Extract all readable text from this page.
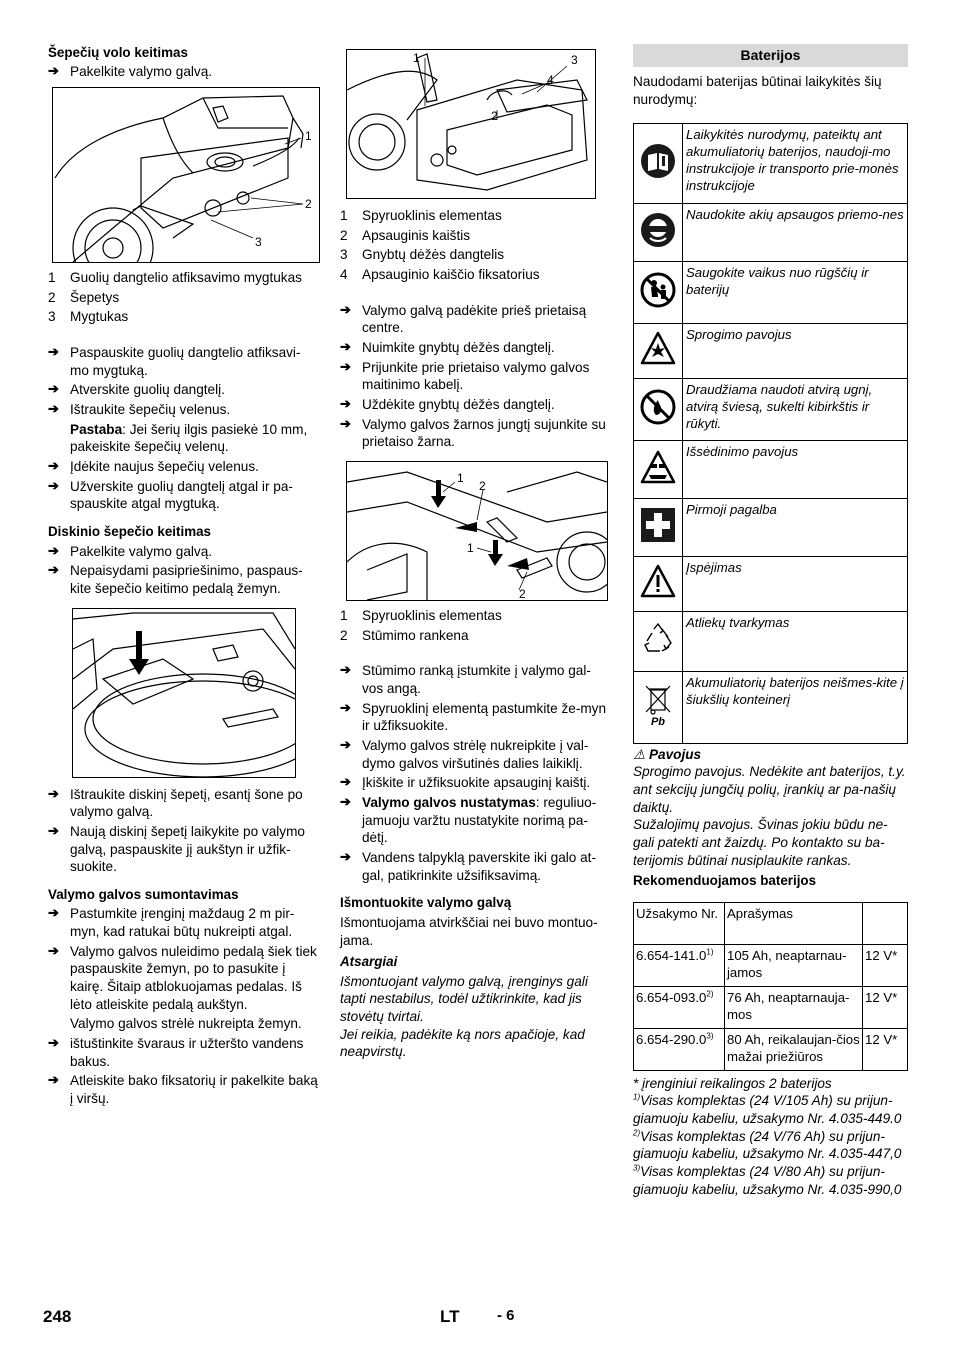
Šepečių volo keitimas
➔ Pakelkite valymo galvą.
1
2
3
1	Guolių dangtelio atfiksavimo mygtukas
2	Šepetys
3	Mygtukas
➔ Paspauskite guolių dangtelio atfiksavi-mo mygtuką.
➔ Atverskite guolių dangtelį.
➔ Ištraukite šepečių velenus.
Pastaba: Jei šerių ilgis pasiekė 10 mm, pakeiskite šepečių velenų.
➔ Įdėkite naujus šepečių velenus.
➔ Užverskite guolių dangtelį atgal ir pa-spauskite atgal mygtuką.
Diskinio šepečio keitimas
➔ Pakelkite valymo galvą.
➔ Nepaisydami pasipriešinimo, paspaus-kite šepečio keitimo pedalą žemyn.
➔ Ištraukite diskinį šepetį, esantį šone po valymo galvą.
➔ Naują diskinį šepetį laikykite po valymo galvą, paspauskite jį aukštyn ir užfik-suokite.
Valymo galvos sumontavimas
➔ Pastumkite įrenginį maždaug 2 m pir-myn, kad ratukai būtų nukreipti atgal.
➔ Valymo galvos nuleidimo pedalą šiek tiek paspauskite žemyn, po to pasukite į kairę. Šitaip atblokuojamas pedalas. Iš lėto atleiskite pedalą aukštyn.
Valymo galvos strėlė nukreipta žemyn.
➔ ištuštinkite švaraus ir užteršto vandens bakus.
➔ Atleiskite bako fiksatorių ir pakelkite baką į viršų.
1	3
4
2
1	Spyruoklinis elementas
2	Apsauginis kaištis
3	Gnybtų dėžės dangtelis
4	Apsauginio kaiščio fiksatorius
➔ Valymo galvą padėkite prieš prietaisą centre.
➔ Nuimkite gnybtų dėžės dangtelį.
➔ Prijunkite prie prietaiso valymo galvos maitinimo kabelį.
➔ Uždėkite gnybtų dėžės dangtelį.
➔ Valymo galvos žarnos jungtį sujunkite su prietaiso žarna.
1
2
1
2
1	Spyruoklinis elementas
2	Stūmimo rankena
➔ Stūmimo ranką įstumkite į valymo gal-vos angą.
➔ Spyruoklinį elementą pastumkite že-myn ir užfiksuokite.
➔ Valymo galvos strėlę nukreipkite į val-dymo galvos viršutinės dalies laikiklį.
➔ Įkiškite ir užfiksuokite apsauginį kaištį.
➔ Valymo galvos nustatymas: reguliuo-jamuoju varžtu nustatykite norimą pa-dėtį.
➔ Vandens talpyklą paverskite iki galo at-gal, patikrinkite užsifiksavimą.
Išmontuokite valymo galvą
Išmontuojama atvirkščiai nei buvo montuo-jama.
Atsargiai
Išmontuojant valymo galvą, įrenginys gali tapti nestabilus, todėl užtikrinkite, kad jis stovėtų tvirtai.
Jei reikia, padėkite ką nors apačioje, kad neapvirstų.
Baterijos
Naudodami baterijas būtinai laikykitės šių nurodymų:
	Laikykitės nurodymų, pateiktų ant akumuliatorių baterijos, naudoji-mo instrukcijoje ir transporto prie-monės instrukcijoje
	Naudokite akių apsaugos priemo-nes
	Saugokite vaikus nuo rūgščių ir baterijų
	Sprogimo pavojus
	Draudžiama naudoti atvirą ugnį, atvirą šviesą, sukelti kibirkštis ir rūkyti.
	Išsėdinimo pavojus
	Pirmoji pagalba
	Įspėjimas
	Atliekų tvarkymas

Pb	Akumuliatorių baterijos neišmes-kite į šiukšlių konteinerį
⚠ Pavojus
Sprogimo pavojus. Nedėkite ant baterijos, t.y. ant sekcijų jungčių polių, įrankių ar pa-našių daiktų.
Sužalojimų pavojus. Švinas jokiu būdu ne-gali patekti ant žaizdų. Po kontakto su ba-terijomis būtinai nusiplaukite rankas.
Rekomenduojamos baterijos
Užsakymo Nr.	Aprašymas	
6.654-141.0$^{1)}$	105 Ah, neaptarnau-jamos	12 V*
6.654-093.0$^{2)}$	76 Ah, neaptarnauja-mos	12 V*
6.654-290.0$^{3)}$	80 Ah, reikalaujan-čios mažai priežiūros	12 V*
* įrenginiui reikalingos 2 baterijos
$^{1)}$Visas komplektas (24 V/105 Ah) su prijun-giamuoju kabeliu, užsakymo Nr. 4.035-449.0
$^{2)}$Visas komplektas (24 V/76 Ah) su prijun-giamuoju kabeliu, užsakymo Nr. 4.035-447,0
$^{3)}$Visas komplektas (24 V/80 Ah) su prijun-giamuoju kabeliu, užsakymo Nr. 4.035-990,0
248	LT - 6
